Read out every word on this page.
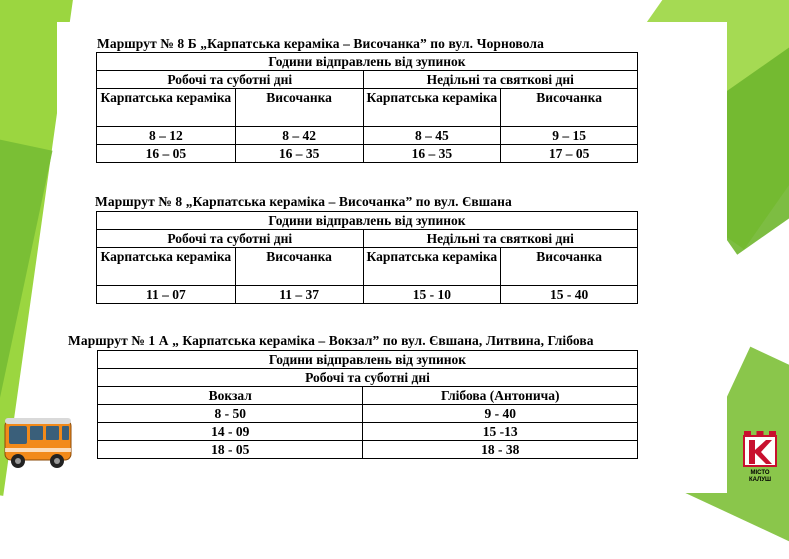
Маршрут № 8 Б „Карпатська кераміка – Височанка” по вул. Чорновола
Години відправлень від зупинок			
Робочі та суботні дні		Недільні та святкові дні	
Карпатська кераміка	Височанка	Карпатська кераміка	Височанка
8 – 12	8 – 42	8 – 45	9 – 15
16 – 05	16 – 35	16 – 35	17 – 05
Маршрут № 8 „Карпатська кераміка – Височанка” по вул. Євшана
Години відправлень від зупинок			
Робочі та суботні дні		Недільні та святкові дні	
Карпатська кераміка	Височанка	Карпатська кераміка	Височанка
11 – 07	11 – 37	15 - 10	15 - 40
Маршрут № 1 А „ Карпатська кераміка – Вокзал” по вул. Євшана, Литвина, Глібова
Години відправлень від зупинок	
Робочі та суботні дні	
Вокзал	Глібова (Антонича)
8 - 50	9 - 40
14 - 09	15 -13
18 - 05	18 - 38
МІСТО
КАЛУШ
